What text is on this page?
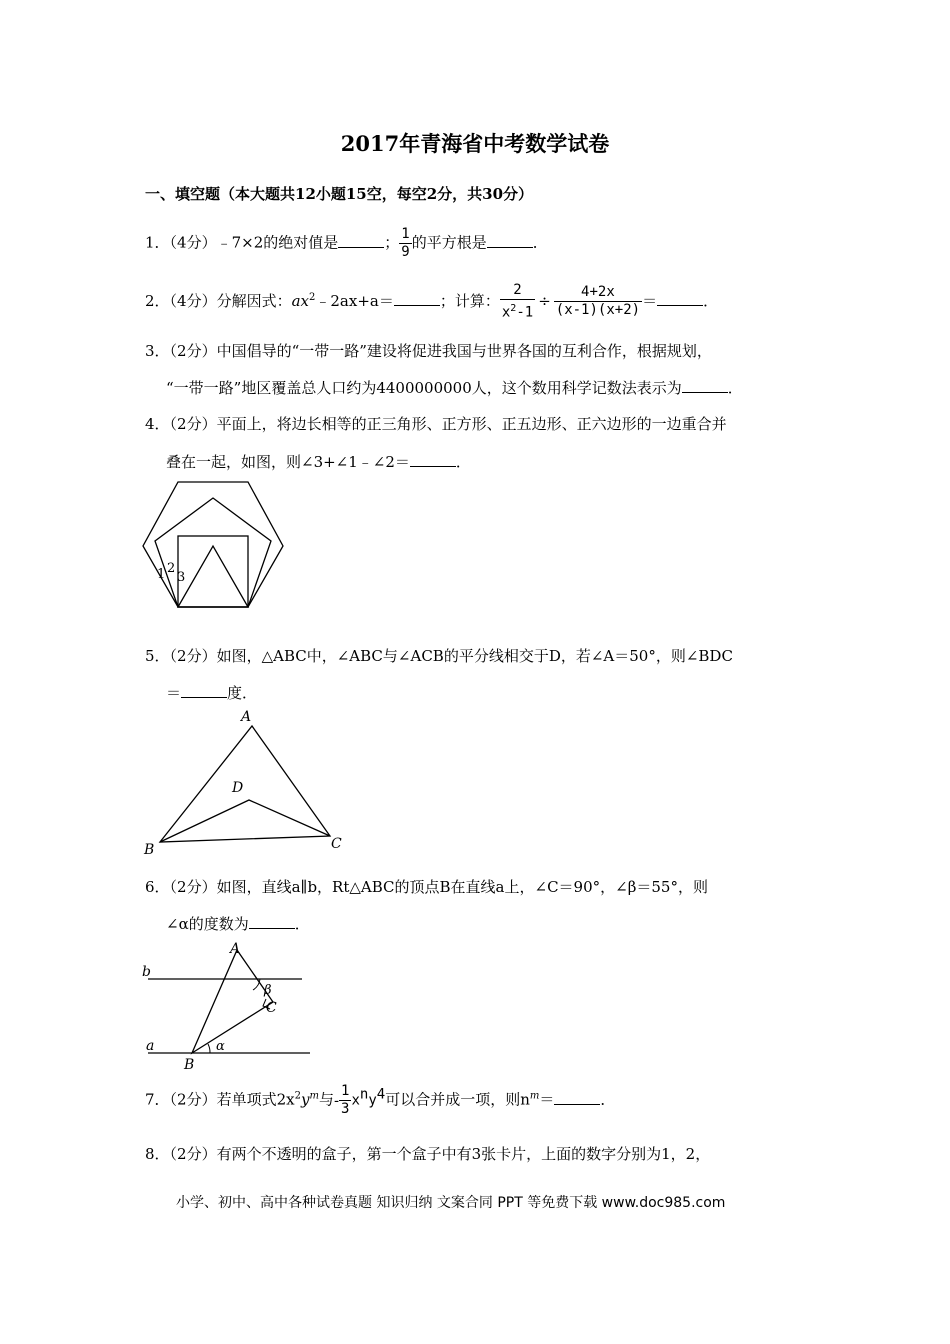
2017年青海省中考数学试卷
一、填空题（本大题共12小题15空，每空2分，共30分）
1．（4分）﹣7×2的绝对值是	； $\frac{1}{9}$ 的平方根是	．
2．（4分）分解因式：$ax^2﹣2ax+a=$	；计算： $\frac{2}{x^2-1} \div \frac{4+2x}{(x-1)(x+2)}$ ＝	．
3．（2分）中国倡导的“一带一路”建设将促进我国与世界各国的互利合作，根据规划，
“一带一路”地区覆盖总人口约为4400000000人，这个数用科学记数法表示为	．
4．（2分）平面上，将边长相等的正三角形、正方形、正五边形、正六边形的一边重合并
叠在一起，如图，则∠3+∠1﹣∠2＝	．
1 2
3
5．（2分）如图，△ABC中，∠ABC与∠ACB的平分线相交于D，若∠A＝50°，则∠BDC
＝	度．
A
B	C
D
6．（2分）如图，直线a∥b，Rt△ABC的顶点B在直线a上，∠C＝90°，∠β＝55°，则
∠α的度数为	．
A
B
C
b
a	α
β
7．（2分）若单项式$2x^2y^m$与- $\frac{1}{3} x^ny^4$可以合并成一项，则$n^m=$	．
8．（2分）有两个不透明的盒子，第一个盒子中有3张卡片，上面的数字分别为1，2，
小学、初中、高中各种试卷真题 知识归纳 文案合同 PPT 等免费下载 www.doc985.com
